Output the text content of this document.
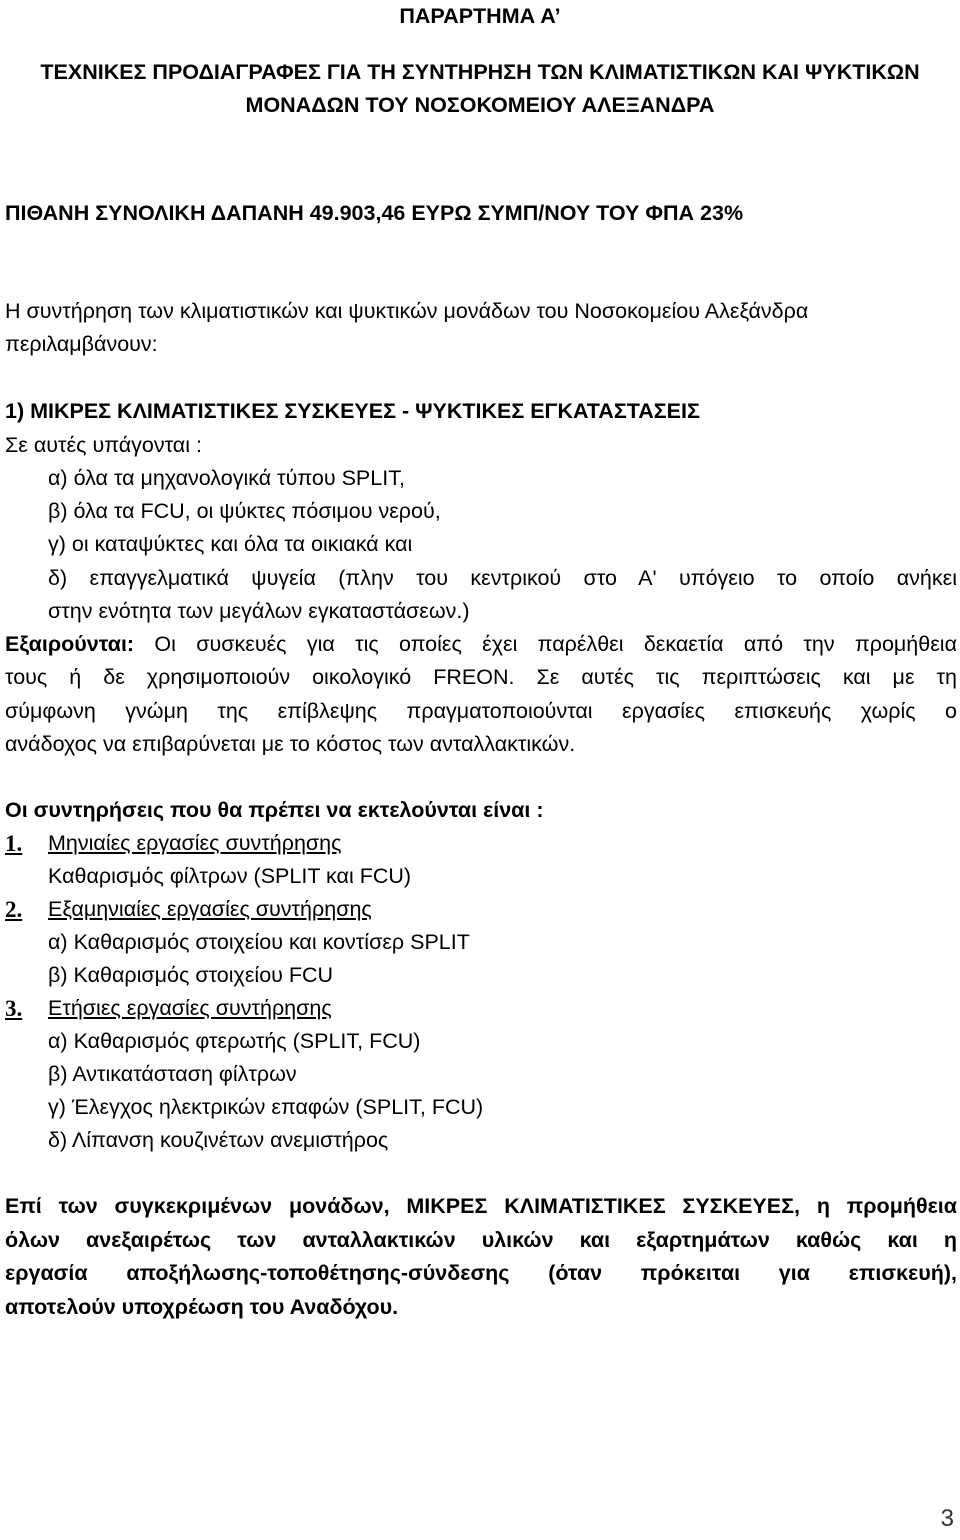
ΠΑΡΑΡΤΗΜΑ Α’
ΤΕΧΝΙΚΕΣ ΠΡΟΔΙΑΓΡΑΦΕΣ ΓΙΑ ΤΗ ΣΥΝΤΗΡΗΣΗ ΤΩΝ ΚΛΙΜΑΤΙΣΤΙΚΩΝ ΚΑΙ ΨΥΚΤΙΚΩΝ
ΜΟΝΑΔΩΝ ΤΟΥ ΝΟΣΟΚΟΜΕΙΟΥ ΑΛΕΞΑΝΔΡΑ
ΠΙΘΑΝΗ ΣΥΝΟΛΙΚΗ ΔΑΠΑΝΗ 49.903,46 ΕΥΡΩ ΣΥΜΠ/ΝΟΥ ΤΟΥ ΦΠΑ 23%
Η συντήρηση των κλιματιστικών και ψυκτικών μονάδων του Νοσοκομείου Αλεξάνδρα
περιλαμβάνουν:
1) ΜΙΚΡΕΣ ΚΛΙΜΑΤΙΣΤΙΚΕΣ ΣΥΣΚΕΥΕΣ - ΨΥΚΤΙΚΕΣ ΕΓΚΑΤΑΣΤΑΣΕΙΣ
Σε αυτές υπάγονται :
α) όλα τα μηχανολογικά τύπου SPLIT,
β) όλα τα FCU, οι ψύκτες πόσιμου νερού,
γ) οι καταψύκτες και όλα τα οικιακά και
δ) επαγγελματικά ψυγεία (πλην του κεντρικού στο Α' υπόγειο το οποίο ανήκει
στην ενότητα των μεγάλων εγκαταστάσεων.)
Εξαιρούνται: Οι συσκευές για τις οποίες έχει παρέλθει δεκαετία από την προμήθεια
τους ή δε χρησιμοποιούν οικολογικό FREON. Σε αυτές τις περιπτώσεις και με τη
σύμφωνη γνώμη της επίβλεψης πραγματοποιούνται εργασίες επισκευής χωρίς ο
ανάδοχος να επιβαρύνεται με το κόστος των ανταλλακτικών.
Οι συντηρήσεις που θα πρέπει να εκτελούνται είναι :
1. Μηνιαίες εργασίες συντήρησης
Καθαρισμός φίλτρων (SPLIT και FCU)
2. Εξαμηνιαίες εργασίες συντήρησης
α) Καθαρισμός στοιχείου και κοντίσερ SPLIT
β) Καθαρισμός στοιχείου FCU
3. Ετήσιες εργασίες συντήρησης
α) Καθαρισμός φτερωτής (SPLIT, FCU)
β) Αντικατάσταση φίλτρων
γ) Έλεγχος ηλεκτρικών επαφών (SPLIT, FCU)
δ) Λίπανση κουζινέτων ανεμιστήρος
Επί των συγκεκριμένων μονάδων, ΜΙΚΡΕΣ ΚΛΙΜΑΤΙΣΤΙΚΕΣ ΣΥΣΚΕΥΕΣ, η προμήθεια
όλων ανεξαιρέτως των ανταλλακτικών υλικών και εξαρτημάτων καθώς και η
εργασία αποξήλωσης-τοποθέτησης-σύνδεσης (όταν πρόκειται για επισκευή),
αποτελούν υποχρέωση του Αναδόχου.
3
